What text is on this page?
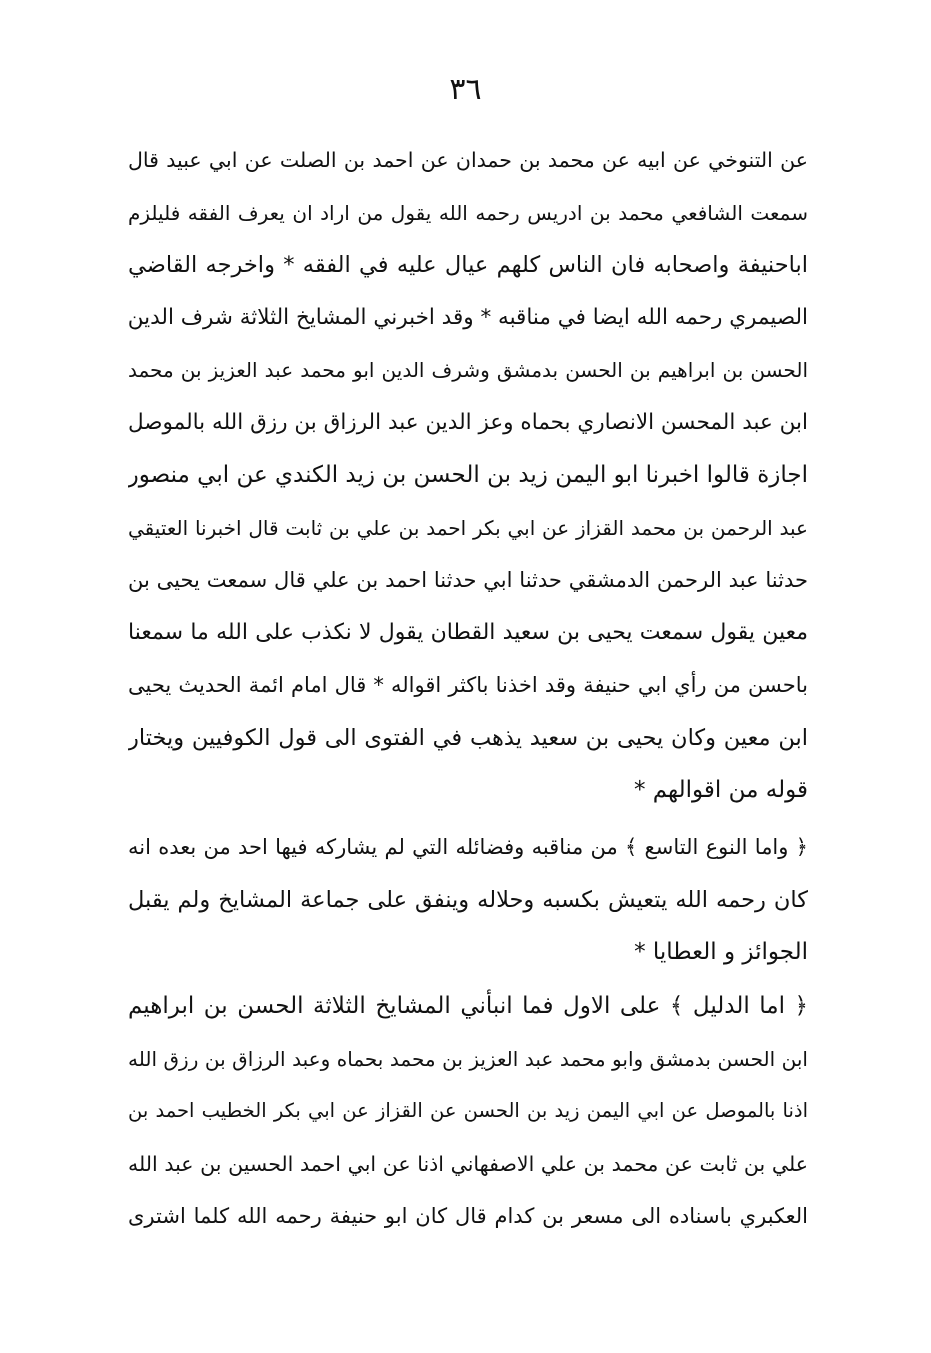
٣٦
عن التنوخي عن ابيه عن محمد بن حمدان عن احمد بن الصلت عن ابي عبيد قال
سمعت الشافعي محمد بن ادريس رحمه الله يقول من اراد ان يعرف الفقه فليلزم
اباحنيفة واصحابه فان الناس كلهم عيال عليه في الفقه * واخرجه القاضي
الصيمري رحمه الله ايضا في مناقبه * وقد اخبرني المشايخ الثلاثة شرف الدين
الحسن بن ابراهيم بن الحسن بدمشق وشرف الدين ابو محمد عبد العزيز بن محمد
ابن عبد المحسن الانصاري بحماه وعز الدين عبد الرزاق بن رزق الله بالموصل
اجازة قالوا اخبرنا ابو اليمن زيد بن الحسن بن زيد الكندي عن ابي منصور
عبد الرحمن بن محمد القزاز عن ابي بكر احمد بن علي بن ثابت قال اخبرنا العتيقي
حدثنا عبد الرحمن الدمشقي حدثنا ابي حدثنا احمد بن علي قال سمعت يحيى بن
معين يقول سمعت يحيى بن سعيد القطان يقول لا نكذب على الله ما سمعنا
باحسن من رأي ابي حنيفة وقد اخذنا باكثر اقواله * قال امام ائمة الحديث يحيى
ابن معين وكان يحيى بن سعيد يذهب في الفتوى الى قول الكوفيين ويختار
قوله من اقوالهم *
﴿ واما النوع التاسع ﴾ من مناقبه وفضائله التي لم يشاركه فيها احد من بعده انه
كان رحمه الله يتعيش بكسبه وحلاله وينفق على جماعة المشايخ ولم يقبل
الجوائز و العطايا *
﴿ اما الدليل ﴾ على الاول فما انبأني المشايخ الثلاثة الحسن بن ابراهيم
ابن الحسن بدمشق وابو محمد عبد العزيز بن محمد بحماه وعبد الرزاق بن رزق الله
اذنا بالموصل عن ابي اليمن زيد بن الحسن عن القزاز عن ابي بكر الخطيب احمد بن
علي بن ثابت عن محمد بن علي الاصفهاني اذنا عن ابي احمد الحسين بن عبد الله
العكبري باسناده الى مسعر بن كدام قال كان ابو حنيفة رحمه الله كلما اشترى
